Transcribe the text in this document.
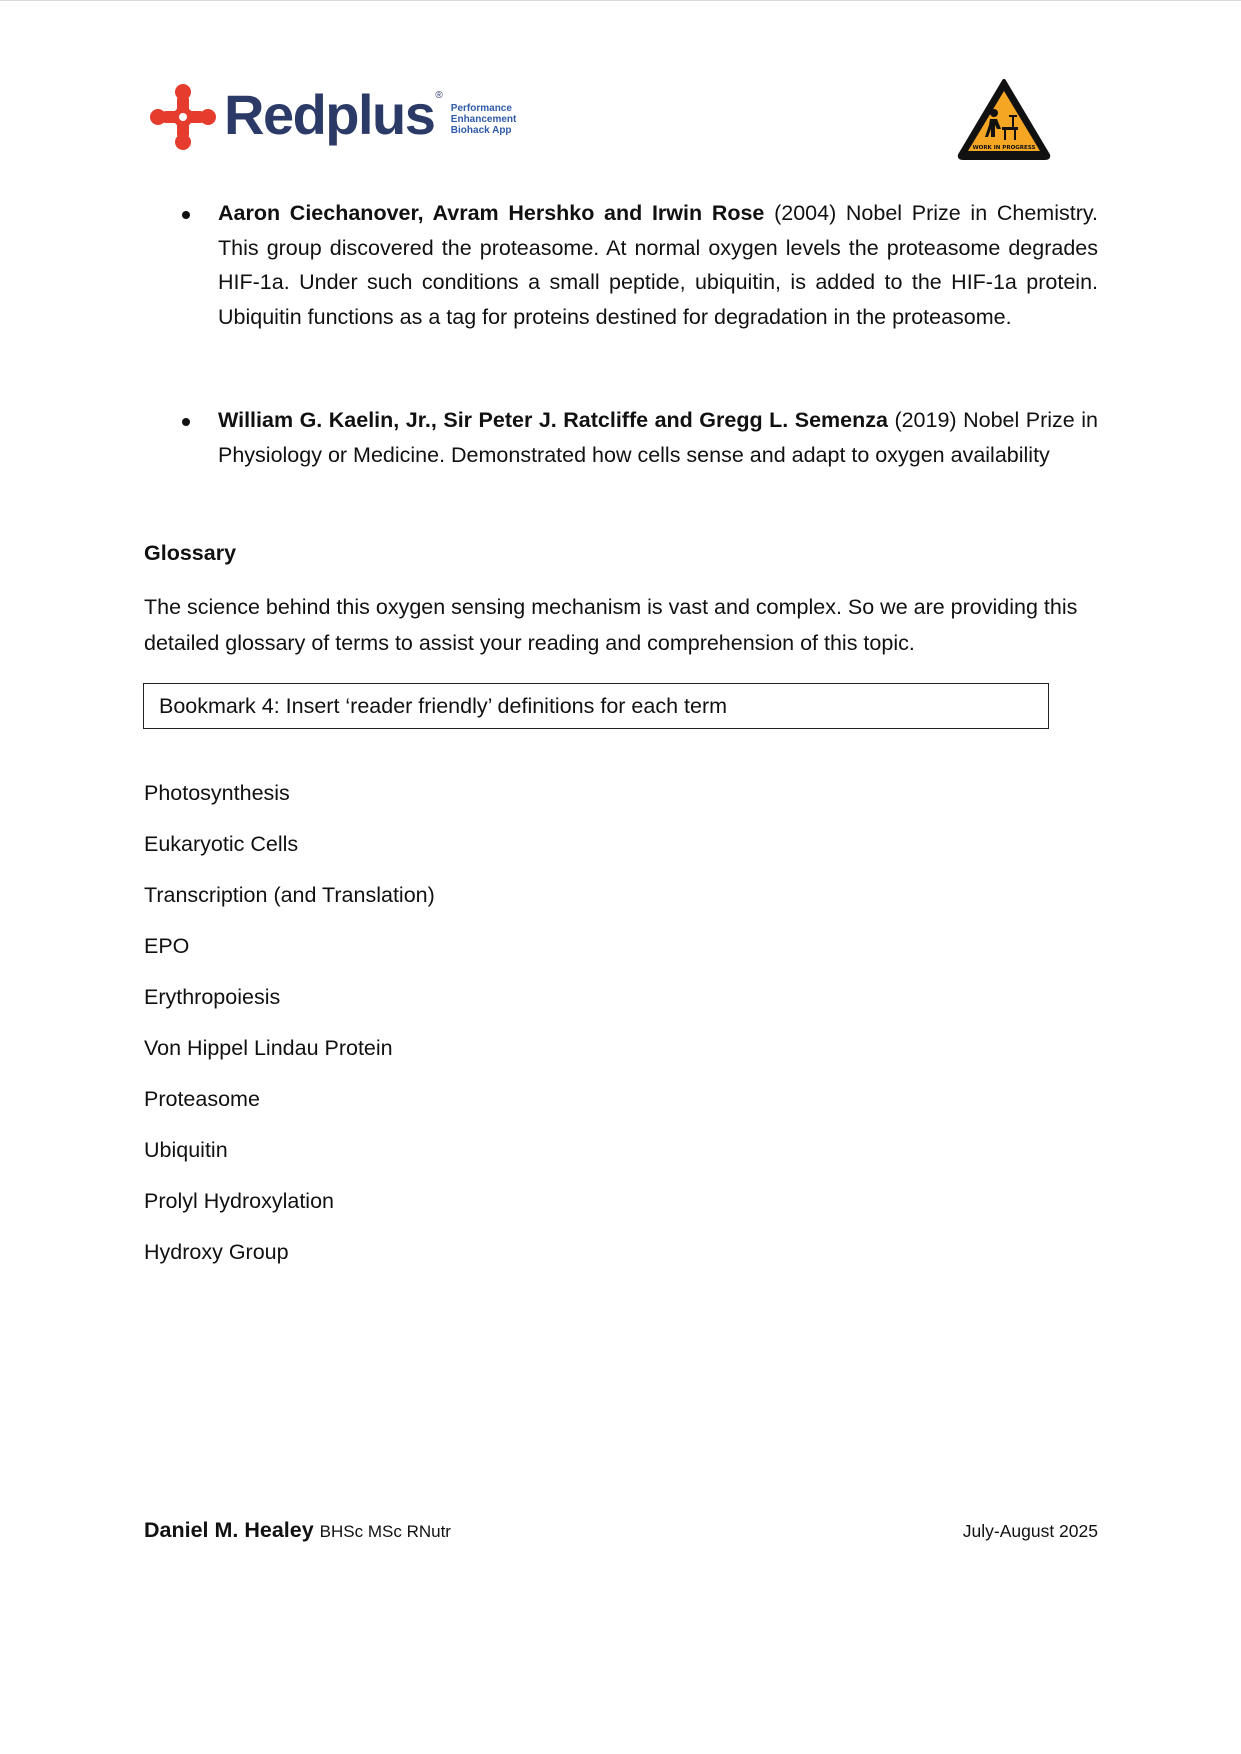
Redplus ®
Performance
Enhancement
Biohack App
WORK IN PROGRESS
Aaron Ciechanover, Avram Hershko and Irwin Rose (2004) Nobel Prize in Chemistry. This group discovered the proteasome. At normal oxygen levels the proteasome degrades HIF-1a. Under such conditions a small peptide, ubiquitin, is added to the HIF-1a protein. Ubiquitin functions as a tag for proteins destined for degradation in the proteasome.
William G. Kaelin, Jr., Sir Peter J. Ratcliffe and Gregg L. Semenza (2019) Nobel Prize in Physiology or Medicine. Demonstrated how cells sense and adapt to oxygen availability
Glossary

The science behind this oxygen sensing mechanism is vast and complex. So we are providing this detailed glossary of terms to assist your reading and comprehension of this topic.

Bookmark 4: Insert ‘reader friendly’ definitions for each term
Photosynthesis
Eukaryotic Cells
Transcription (and Translation)
EPO
Erythropoiesis
Von Hippel Lindau Protein
Proteasome
Ubiquitin
Prolyl Hydroxylation
Hydroxy Group
Daniel M. Healey BHSc MSc RNutr	July-August 2025
